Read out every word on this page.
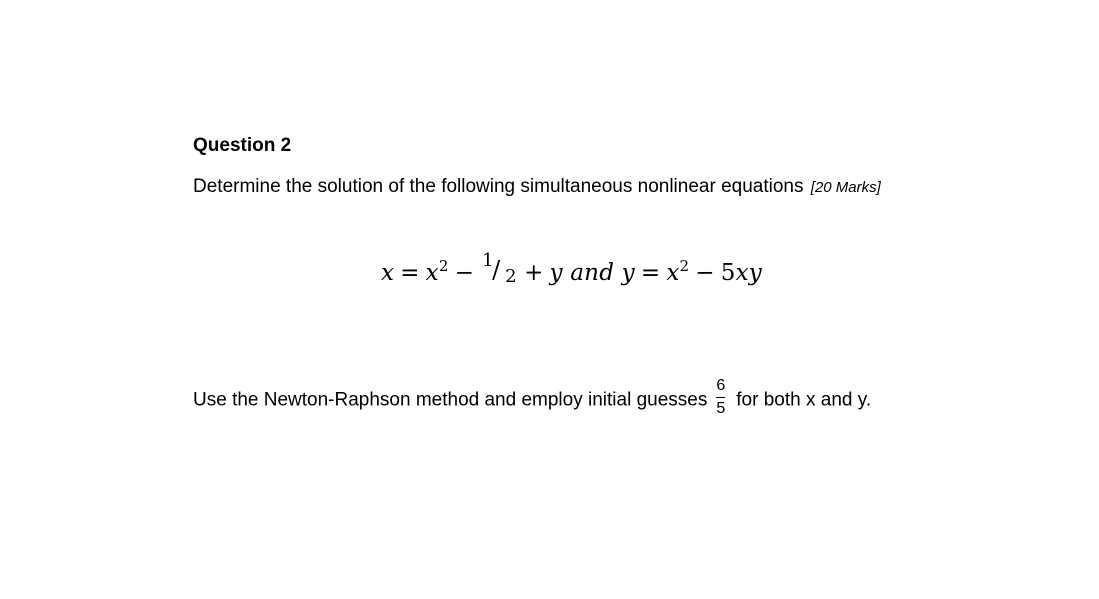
Question 2
Determine the solution of the following simultaneous nonlinear equations [20 Marks]
$x = x^2 - 1$
/ 2 + y and $y = x^2 - 5xy$
Use the Newton-Raphson method and employ initial guesses $\frac{6}{5}$ for both x and y.
